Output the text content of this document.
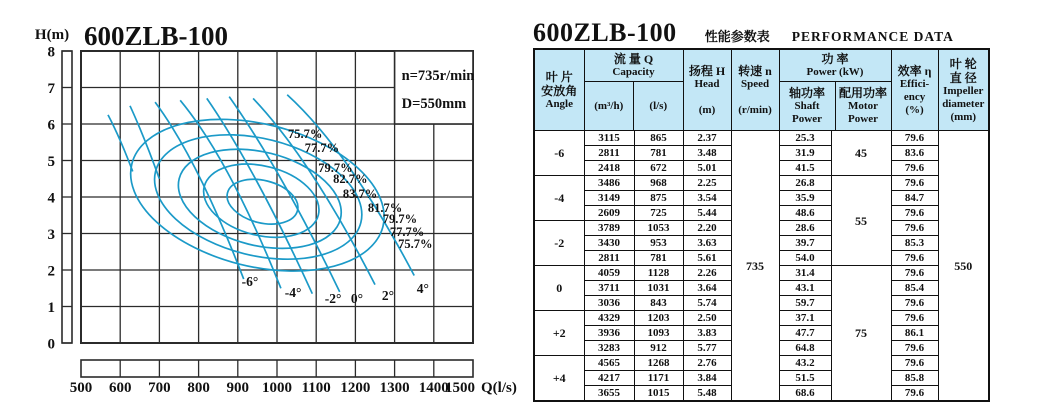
600ZLB-100
H(m)
0
1
2
3
4
5
6
7
8
n=735r/min
D=550mm
75.7%
77.7%
79.7%
82.7%
83.7%
81.7%
79.7%
77.7%
75.7%
-6°
-4° -2° 0° 2° 4°
500 600 700 800 900 1000 1100 1200 1300 1400
1500 Q(l/s)
600ZLB-100 性能参数表 PERFORMANCE DATA
叶 片
安放角
Angle

流 量 Q
Capacity
(m³/h)	(l/s)

扬程 H
Head
(m)

转速 n
Speed
(r/min)

功 率
Power (kW)
轴功率
Shaft
Power
配用功率
Motor
Power

效率 η
Effici-
ency
(%)

叶 轮
直 径
Impeller
diameter
(mm)

-6	3115	865	2.37	735	25.3	45	79.6	550
	2811	781	3.48		31.9		83.6	
	2418	672	5.01		41.5		79.6	
-4	3486	968	2.25		26.8	55	79.6	
	3149	875	3.54		35.9		84.7	
	2609	725	5.44		48.6		79.6	
-2	3789	1053	2.20		28.6		79.6	
	3430	953	3.63		39.7		85.3	
	2811	781	5.61		54.0		79.6	
0	4059	1128	2.26		31.4	75	79.6	
	3711	1031	3.64		43.1		85.4	
	3036	843	5.74		59.7		79.6	
+2	4329	1203	2.50		37.1		79.6	
	3936	1093	3.83		47.7		86.1	
	3283	912	5.77		64.8		79.6	
+4	4565	1268	2.76		43.2		79.6	
	4217	1171	3.84		51.5		85.8	
	3655	1015	5.48		68.6		79.6	
